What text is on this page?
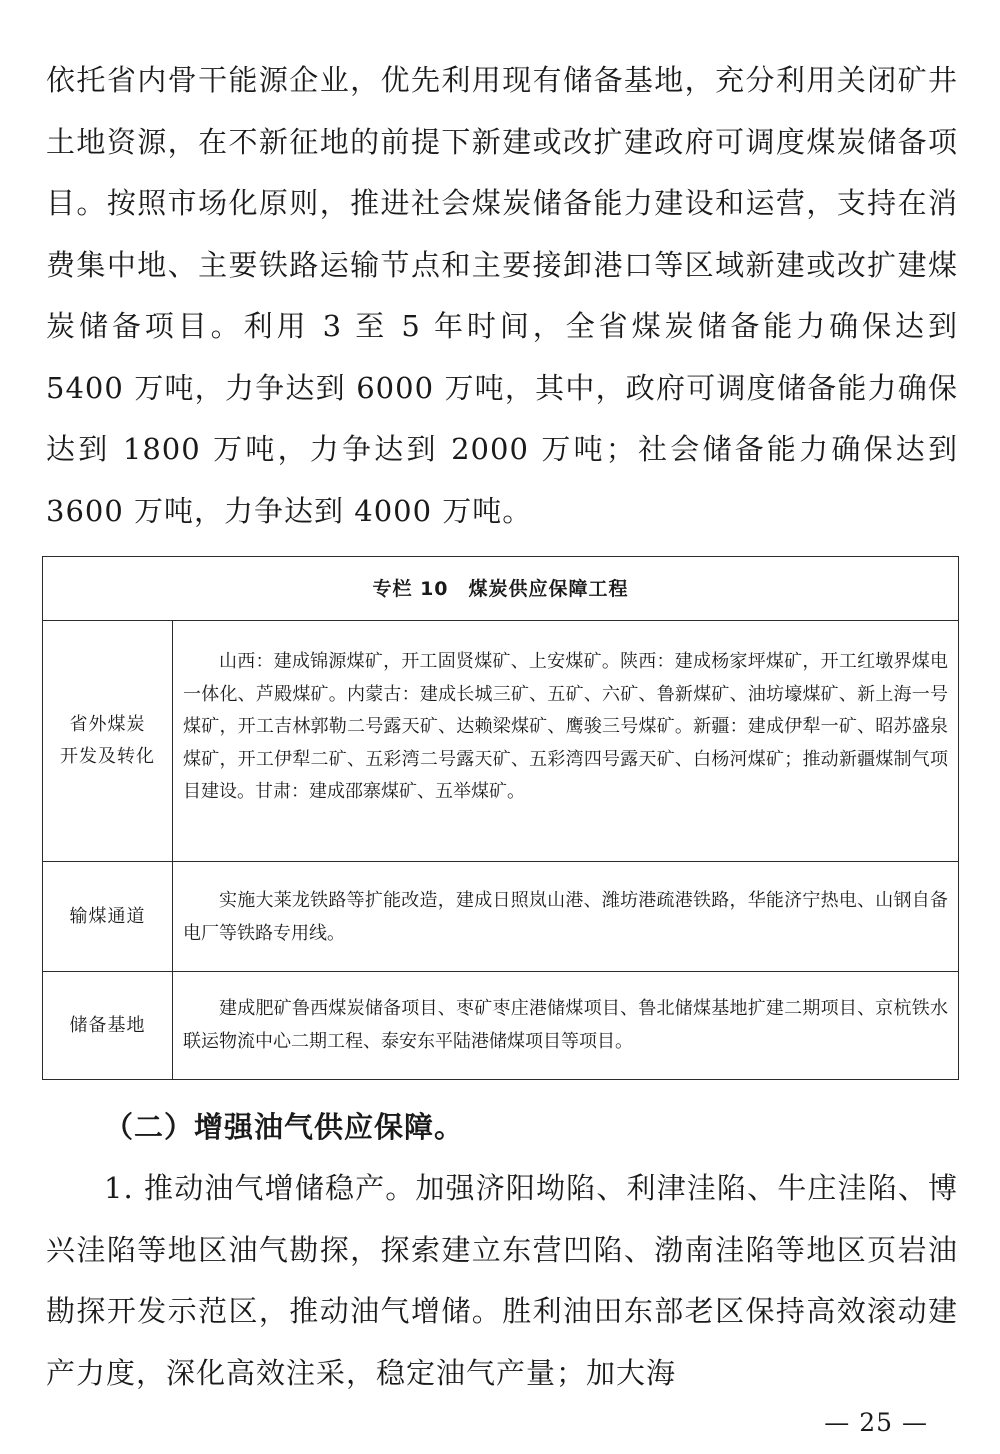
依托省内骨干能源企业，优先利用现有储备基地，充分利用关闭矿井土地资源，在不新征地的前提下新建或改扩建政府可调度煤炭储备项目。按照市场化原则，推进社会煤炭储备能力建设和运营，支持在消费集中地、主要铁路运输节点和主要接卸港口等区域新建或改扩建煤炭储备项目。利用 3 至 5 年时间，全省煤炭储备能力确保达到 5400 万吨，力争达到 6000 万吨，其中，政府可调度储备能力确保达到 1800 万吨，力争达到 2000 万吨；社会储备能力确保达到 3600 万吨，力争达到 4000 万吨。

专栏 10　煤炭供应保障工程
省外煤炭
开发及转化

山西：建成锦源煤矿，开工固贤煤矿、上安煤矿。陕西：建成杨家坪煤矿，开工红墩界煤电一体化、芦殿煤矿。内蒙古：建成长城三矿、五矿、六矿、鲁新煤矿、油坊壕煤矿、新上海一号煤矿，开工吉林郭勒二号露天矿、达赖梁煤矿、鹰骏三号煤矿。新疆：建成伊犁一矿、昭苏盛泉煤矿，开工伊犁二矿、五彩湾二号露天矿、五彩湾四号露天矿、白杨河煤矿；推动新疆煤制气项目建设。甘肃：建成邵寨煤矿、五举煤矿。

输煤通道

实施大莱龙铁路等扩能改造，建成日照岚山港、潍坊港疏港铁路，华能济宁热电、山钢自备电厂等铁路专用线。

储备基地

建成肥矿鲁西煤炭储备项目、枣矿枣庄港储煤项目、鲁北储煤基地扩建二期项目、京杭铁水联运物流中心二期工程、泰安东平陆港储煤项目等项目。

（二）增强油气供应保障。

1. 推动油气增储稳产。加强济阳坳陷、利津洼陷、牛庄洼陷、博兴洼陷等地区油气勘探，探索建立东营凹陷、渤南洼陷等地区页岩油勘探开发示范区，推动油气增储。胜利油田东部老区保持高效滚动建产力度，深化高效注采，稳定油气产量；加大海

— 25 —
